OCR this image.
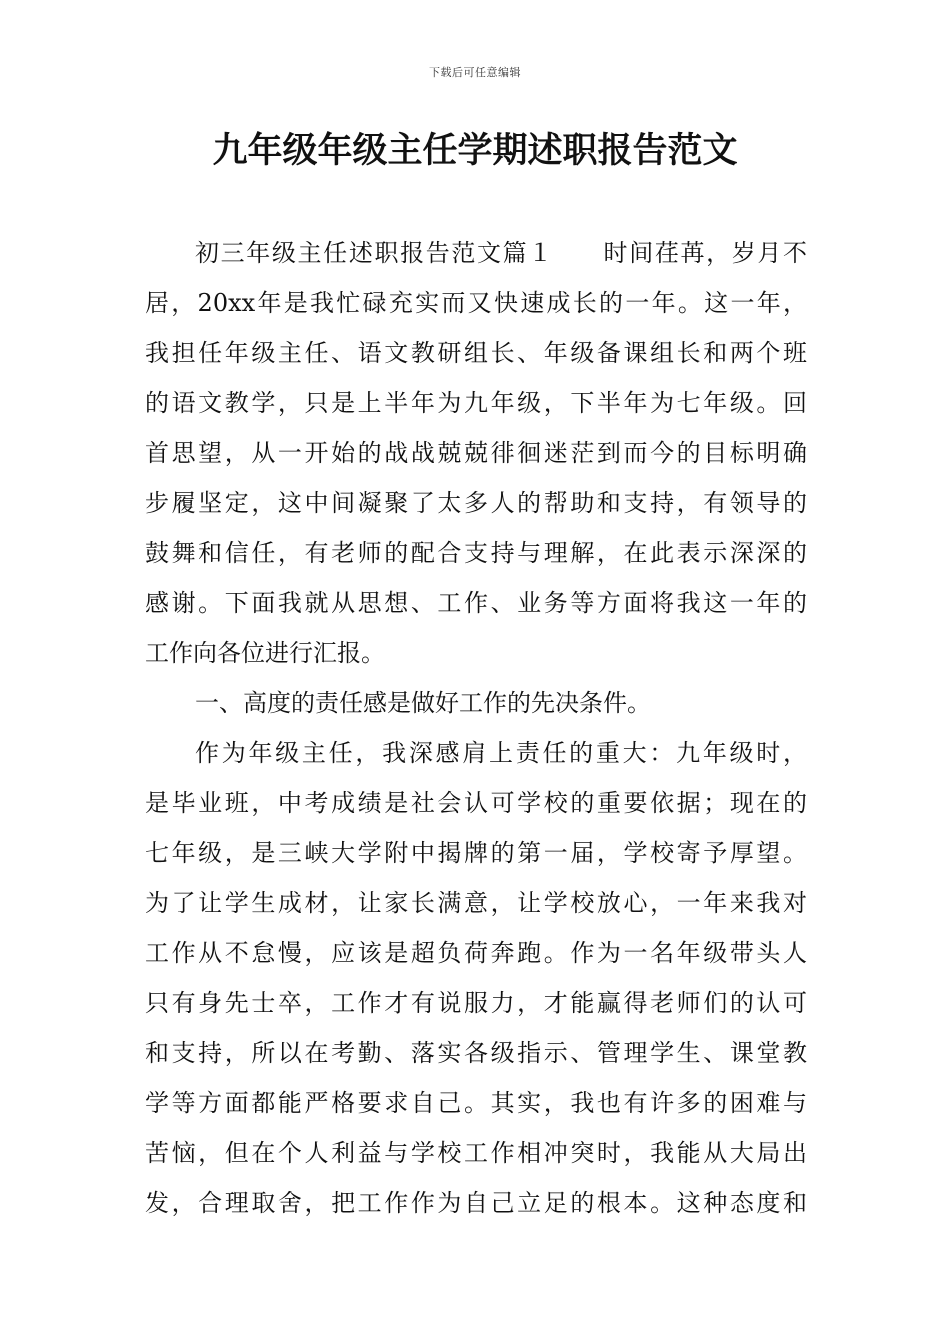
下载后可任意编辑
九年级年级主任学期述职报告范文
初三年级主任述职报告范文篇１ 时间荏苒，岁月不
居，20xx年是我忙碌充实而又快速成长的一年。这一年，
我担任年级主任、语文教研组长、年级备课组长和两个班
的语文教学，只是上半年为九年级，下半年为七年级。回
首思望，从一开始的战战兢兢徘徊迷茫到而今的目标明确
步履坚定，这中间凝聚了太多人的帮助和支持，有领导的
鼓舞和信任，有老师的配合支持与理解，在此表示深深的
感谢。下面我就从思想、工作、业务等方面将我这一年的
工作向各位进行汇报。
一、高度的责任感是做好工作的先决条件。
作为年级主任，我深感肩上责任的重大：九年级时，
是毕业班，中考成绩是社会认可学校的重要依据；现在的
七年级，是三峡大学附中揭牌的第一届，学校寄予厚望。
为了让学生成材，让家长满意，让学校放心，一年来我对
工作从不怠慢，应该是超负荷奔跑。作为一名年级带头人
只有身先士卒，工作才有说服力，才能赢得老师们的认可
和支持，所以在考勤、落实各级指示、管理学生、课堂教
学等方面都能严格要求自己。其实，我也有许多的困难与
苦恼，但在个人利益与学校工作相冲突时，我能从大局出
发，合理取舍，把工作作为自己立足的根本。这种态度和
